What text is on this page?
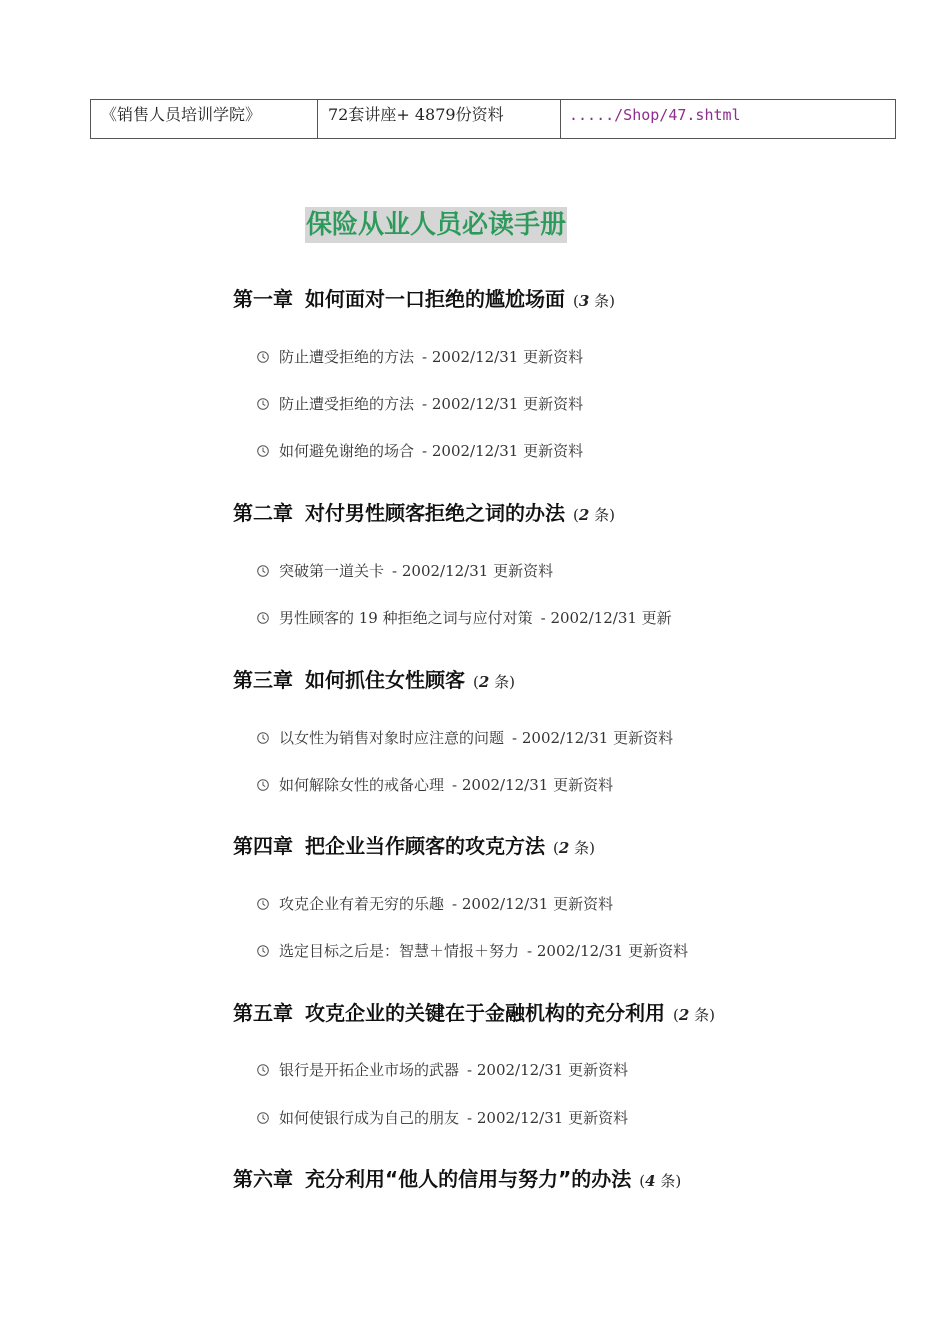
《销售人员培训学院》	72套讲座+ 4879份资料	...../Shop/47.shtml
保险从业人员必读手册
第一章 如何面对一口拒绝的尴尬场面 (3 条)
防止遭受拒绝的方法 - 2002/12/31 更新资料
防止遭受拒绝的方法 - 2002/12/31 更新资料
如何避免谢绝的场合 - 2002/12/31 更新资料
第二章 对付男性顾客拒绝之词的办法 (2 条)
突破第一道关卡 - 2002/12/31 更新资料
男性顾客的 19 种拒绝之词与应付对策 - 2002/12/31 更新
第三章 如何抓住女性顾客 (2 条)
以女性为销售对象时应注意的问题 - 2002/12/31 更新资料
如何解除女性的戒备心理 - 2002/12/31 更新资料
第四章 把企业当作顾客的攻克方法 (2 条)
攻克企业有着无穷的乐趣 - 2002/12/31 更新资料
选定目标之后是：智慧＋情报＋努力 - 2002/12/31 更新资料
第五章 攻克企业的关键在于金融机构的充分利用 (2 条)
银行是开拓企业市场的武器 - 2002/12/31 更新资料
如何使银行成为自己的朋友 - 2002/12/31 更新资料
第六章 充分利用“他人的信用与努力”的办法 (4 条)
